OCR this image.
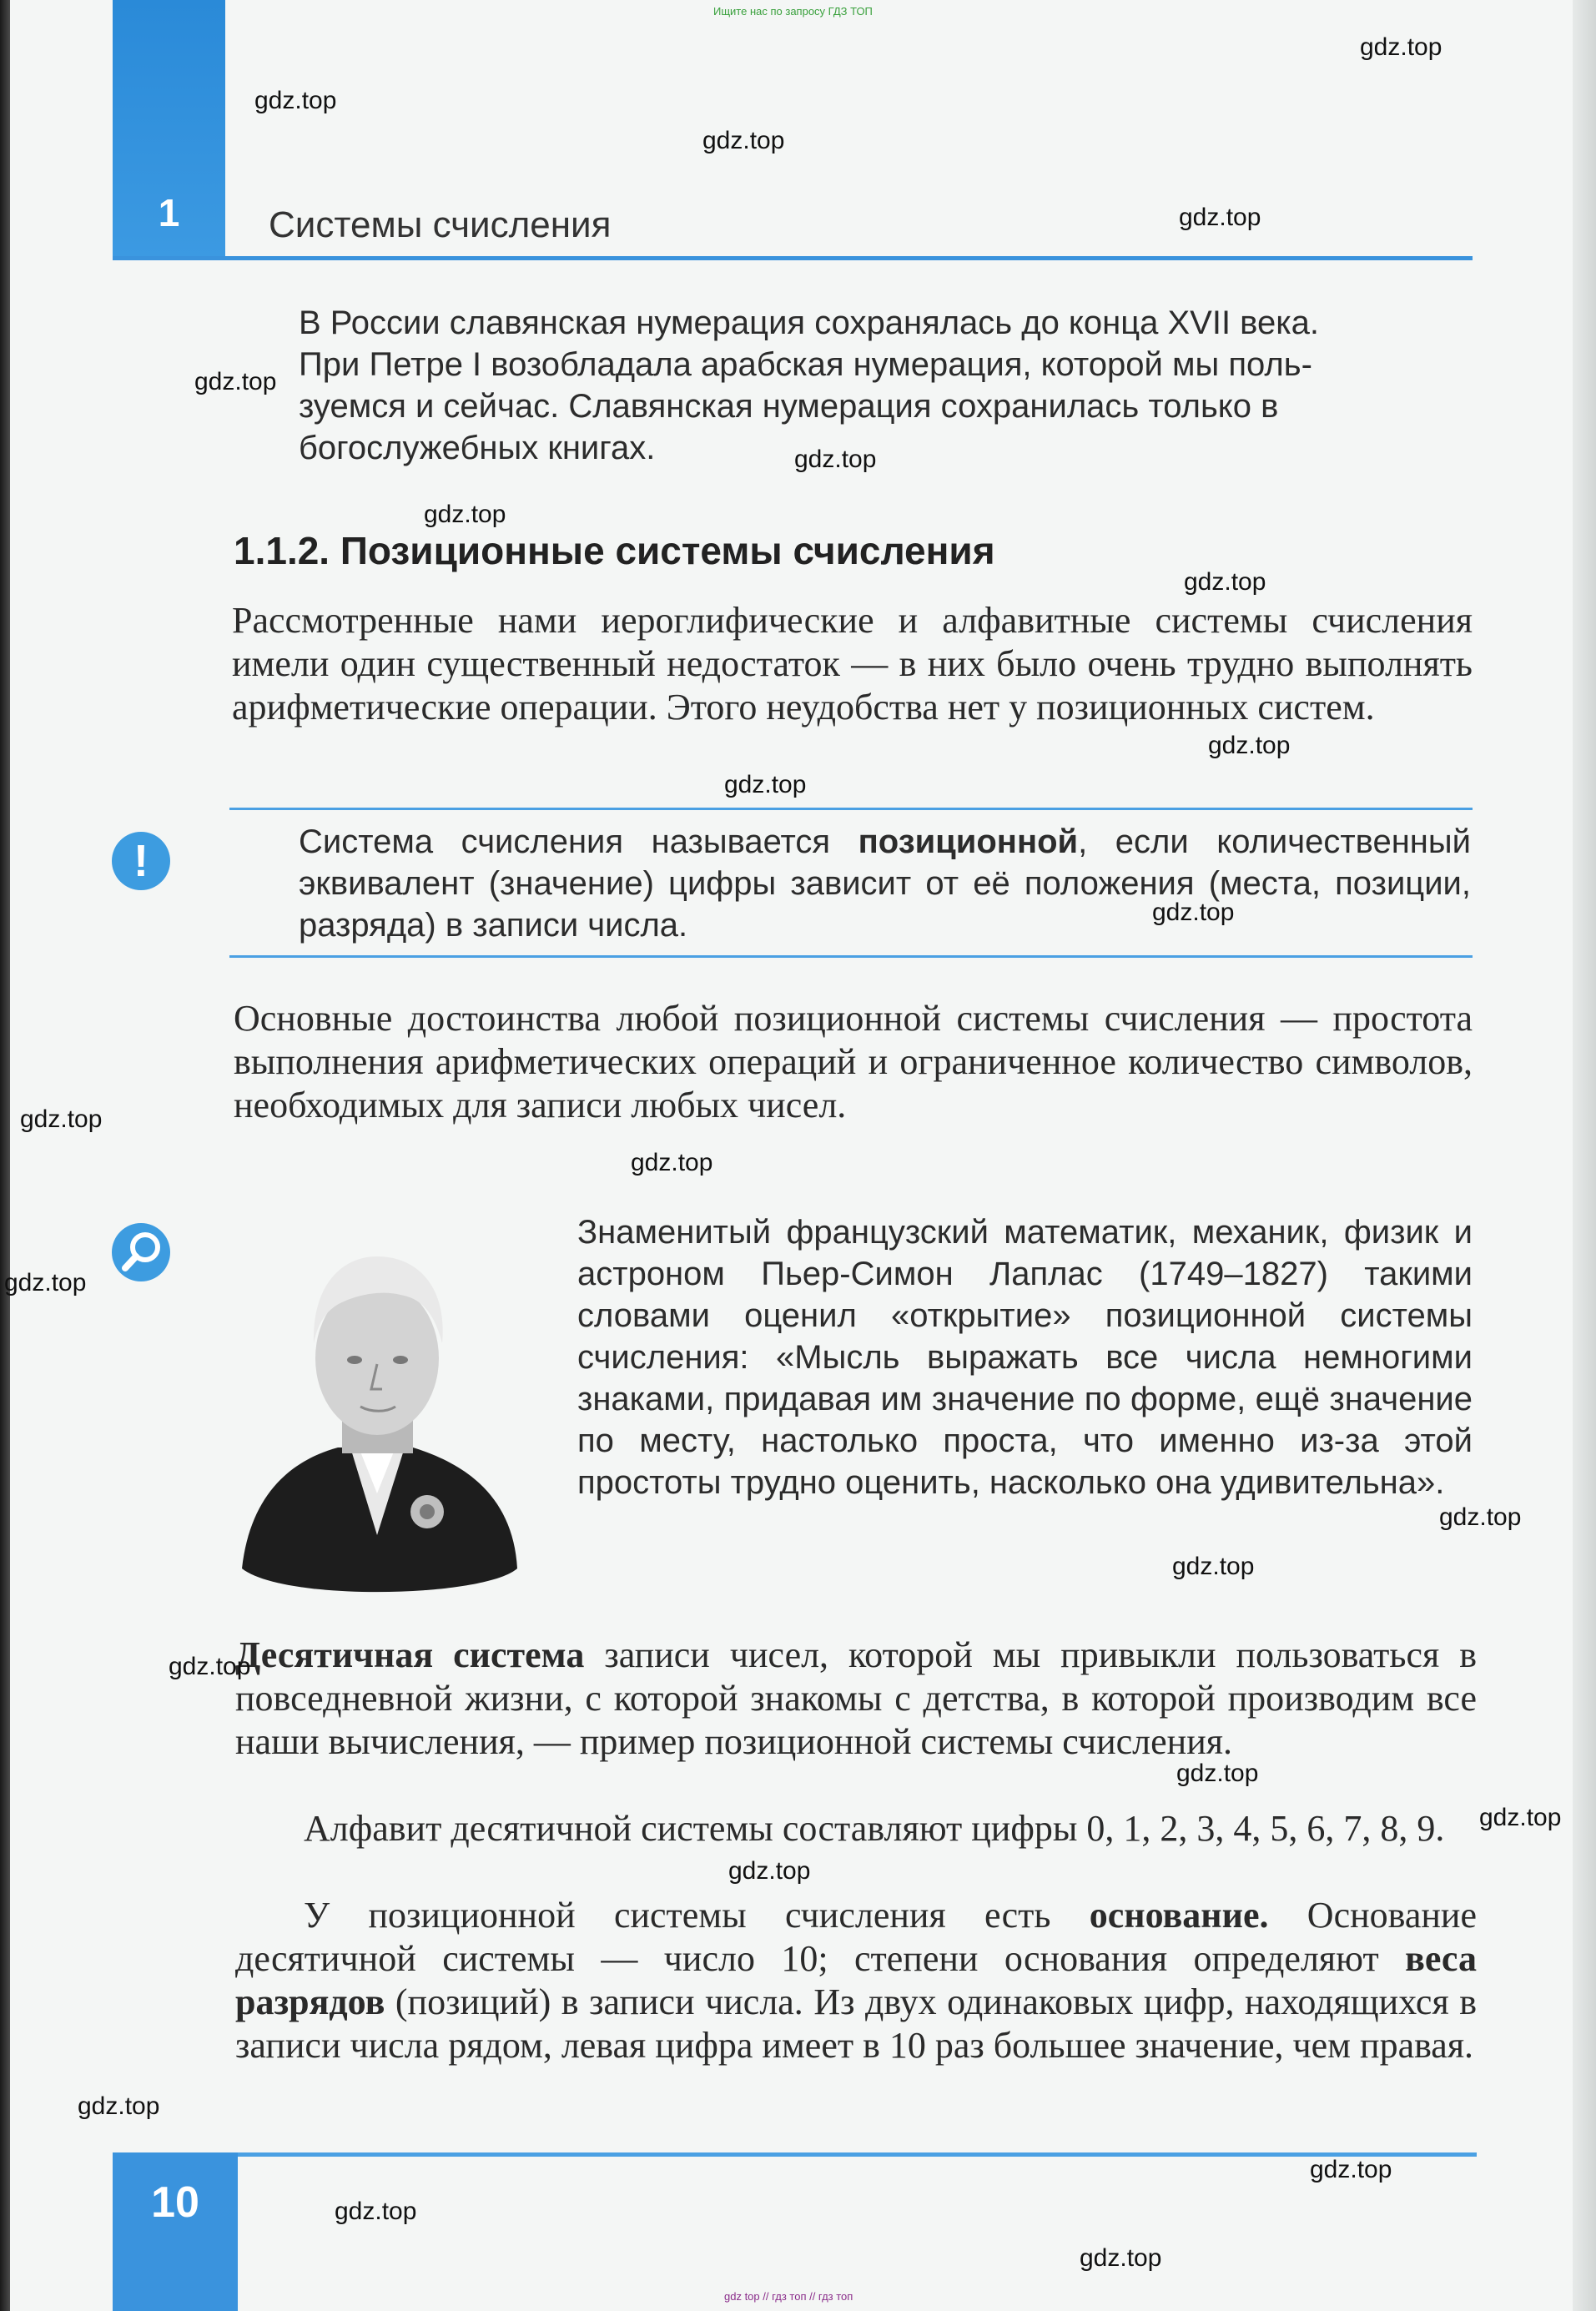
Ищите нас по запросу ГДЗ ТОП
1	Системы счисления
В России славянская нумерация сохранялась до конца XVII века.
При Петре I возобладала арабская нумерация, которой мы поль-
зуемся и сейчас. Славянская нумерация сохранилась только в
богослужебных книгах.
1.1.2. Позиционные системы счисления
Рассмотренные нами иероглифические и алфавитные системы счисления имели один существенный недостаток — в них было очень трудно выполнять арифметические операции. Этого неудобства нет у позиционных систем.
!	Система счисления называется позиционной, если количественный эквивалент (значение) цифры зависит от её положения (места, позиции, разряда) в записи числа.
Основные достоинства любой позиционной системы счисления — простота выполнения арифметических операций и ограниченное количество символов, необходимых для записи любых чисел.
Знаменитый французский математик, механик, физик и астроном Пьер-Симон Лаплас (1749–1827) такими словами оценил «открытие» позиционной системы счисления: «Мысль выражать все числа немногими знаками, придавая им значение по форме, ещё значение по месту, настолько проста, что именно из-за этой простоты трудно оценить, насколько она удивительна».
Десятичная система записи чисел, которой мы привыкли пользоваться в повседневной жизни, с которой знакомы с детства, в которой производим все наши вычисления, — пример позиционной системы счисления.
Алфавит десятичной системы составляют цифры 0, 1, 2, 3, 4, 5, 6, 7, 8, 9.
У позиционной системы счисления есть основание. Основание десятичной системы — число 10; степени основания определяют веса разрядов (позиций) в записи числа. Из двух одинаковых цифр, находящихся в записи числа рядом, левая цифра имеет в 10 раз большее значение, чем правая.
10
gdz top // гдз топ // гдз топ
gdz.top
gdz.top
gdz.top
gdz.top
gdz.top
gdz.top
gdz.top
gdz.top
gdz.top
gdz.top
gdz.top
gdz.top
gdz.top
gdz.top
gdz.top
gdz.top
gdz.top
gdz.top
gdz.top
gdz.top
gdz.top
gdz.top
gdz.top
gdz.top
